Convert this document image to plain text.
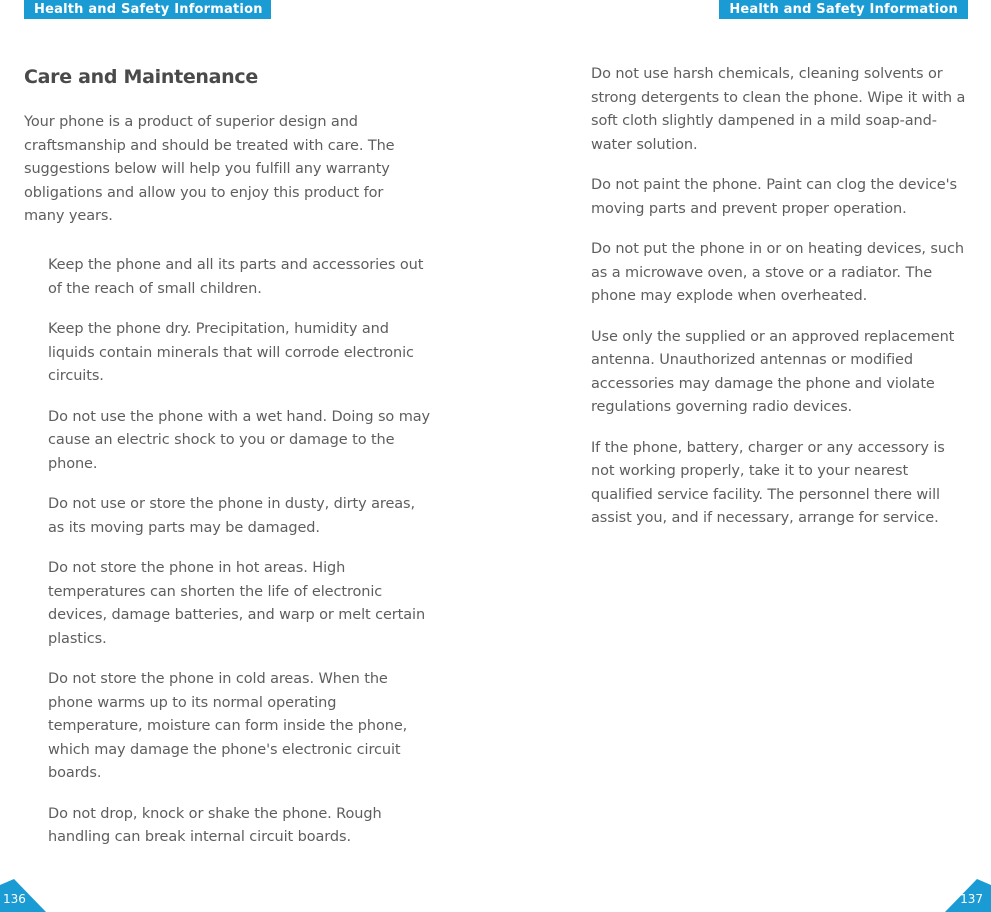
Health and Safety Information	Health and Safety Information
Care and Maintenance

Your phone is a product of superior design and craftsmanship and should be treated with care. The suggestions below will help you fulfill any warranty obligations and allow you to enjoy this product for many years.

Keep the phone and all its parts and accessories out of the reach of small children.
Keep the phone dry. Precipitation, humidity and liquids contain minerals that will corrode electronic circuits.
Do not use the phone with a wet hand. Doing so may cause an electric shock to you or damage to the phone.
Do not use or store the phone in dusty, dirty areas, as its moving parts may be damaged.
Do not store the phone in hot areas. High temperatures can shorten the life of electronic devices, damage batteries, and warp or melt certain plastics.
Do not store the phone in cold areas. When the phone warms up to its normal operating temperature, moisture can form inside the phone, which may damage the phone's electronic circuit boards.
Do not drop, knock or shake the phone. Rough handling can break internal circuit boards.
Do not use harsh chemicals, cleaning solvents or strong detergents to clean the phone. Wipe it with a soft cloth slightly dampened in a mild soap-and-water solution.
Do not paint the phone. Paint can clog the device's moving parts and prevent proper operation.
Do not put the phone in or on heating devices, such as a microwave oven, a stove or a radiator. The phone may explode when overheated.
Use only the supplied or an approved replacement antenna. Unauthorized antennas or modified accessories may damage the phone and violate regulations governing radio devices.
If the phone, battery, charger or any accessory is not working properly, take it to your nearest qualified service facility. The personnel there will assist you, and if necessary, arrange for service.
136	137
